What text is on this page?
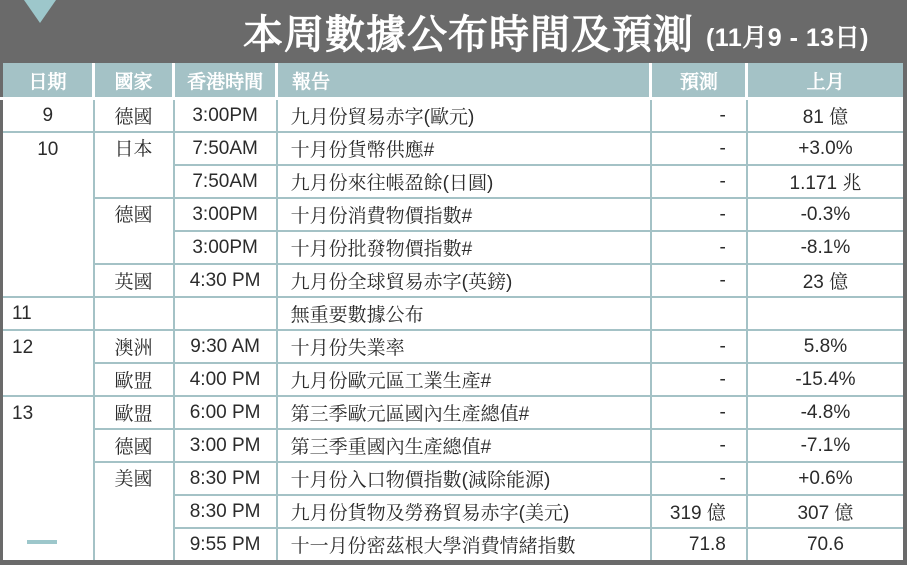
本周數據公布時間及預測 (11月9 - 13日)
日期	國家	香港時間	報告	預測	上月
9	德國	3:00PM	九月份貿易赤字(歐元)	-	81 億
10	日本	7:50AM	十月份貨幣供應#	-	+3.0%
		7:50AM	九月份來往帳盈餘(日圓)	-	1.171 兆
	德國	3:00PM	十月份消費物價指數#	-	-0.3%
		3:00PM	十月份批發物價指數#	-	-8.1%
	英國	4:30 PM	九月份全球貿易赤字(英鎊)	-	23 億
11			無重要數據公布		
12	澳洲	9:30 AM	十月份失業率	-	5.8%
	歐盟	4:00 PM	九月份歐元區工業生產#	-	-15.4%
13	歐盟	6:00 PM	第三季歐元區國內生產總值#	-	-4.8%
	德國	3:00 PM	第三季重國內生產總值#	-	-7.1%
	美國	8:30 PM	十月份入口物價指數(減除能源)	-	+0.6%
		8:30 PM	九月份貨物及勞務貿易赤字(美元)	319 億	307 億
		9:55 PM	十一月份密茲根大學消費情緒指數	71.8	70.6
